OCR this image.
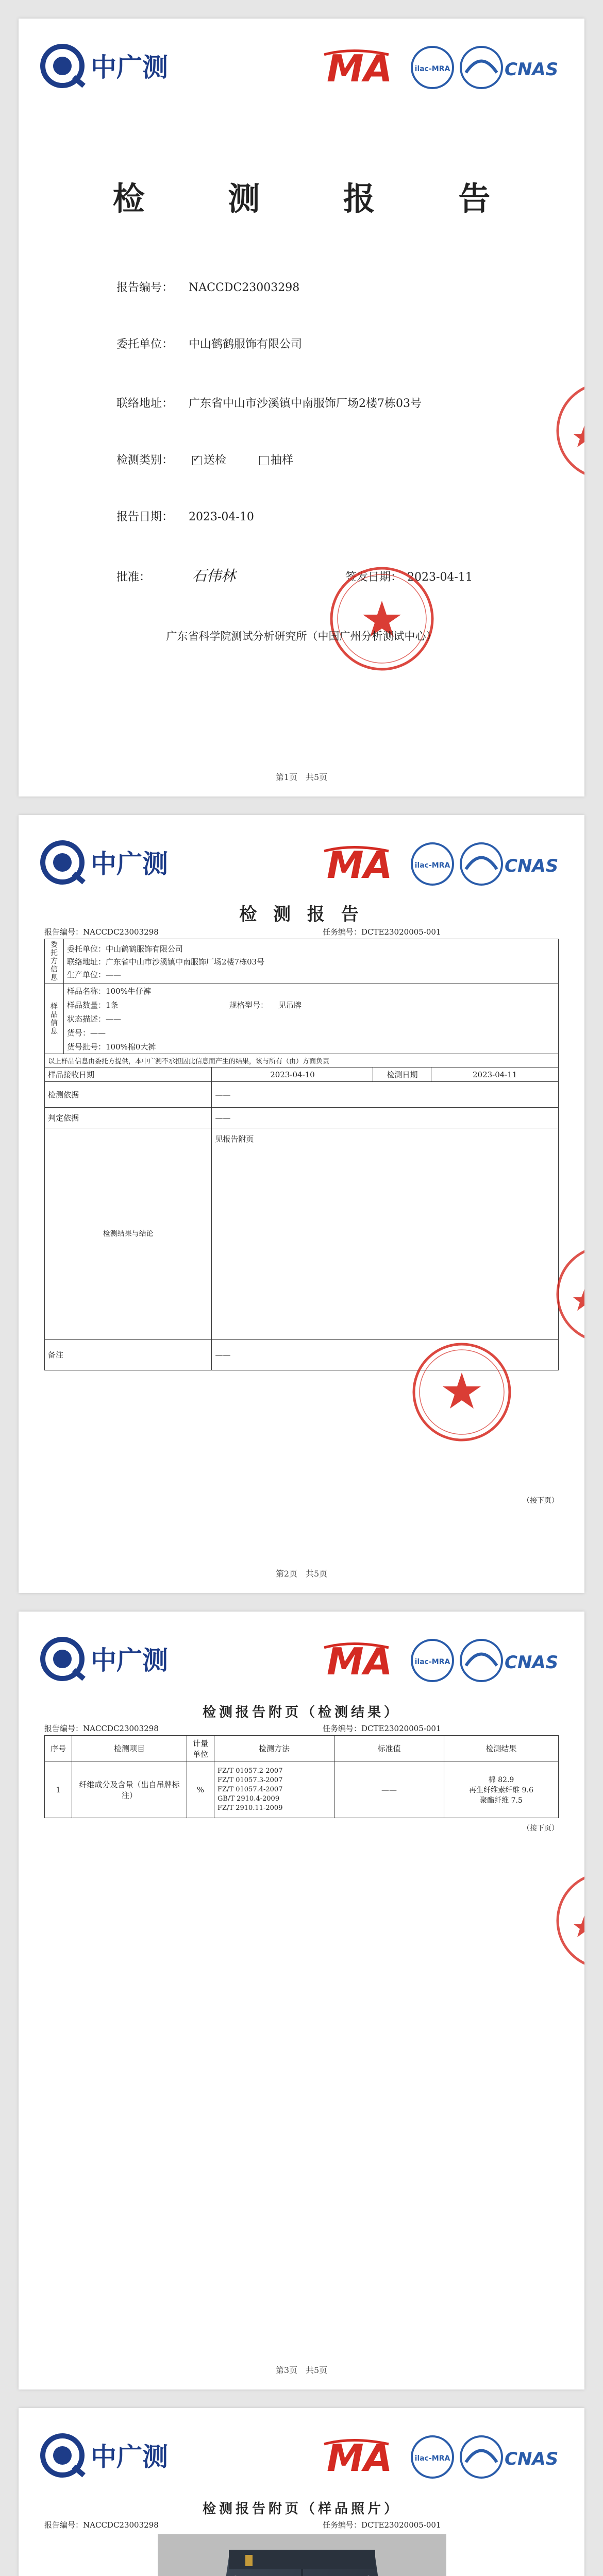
中广测	MA	ilac-MRA	CNAS
检 测 报 告
报告编号： NACCDC23003298
委托单位： 中山鹤鹤服饰有限公司
联络地址： 广东省中山市沙溪镇中南服饰厂场2楼7栋03号
检测类别： ✓	送检	抽样
报告日期： 2023-04-10
批准：	石伟林	签发日期： 2023-04-11
广东省科学院测试分析研究所（中国广州分析测试中心）
第1页 共5页
中广测	MA	ilac-MRA	CNAS
检 测 报 告
报告编号：NACCDC23003298	任务编号：DCTE23020005-001
委托方信息	委托单位：中山鹤鹤服饰有限公司
联络地址：广东省中山市沙溪镇中南服饰厂场2楼7栋03号
生产单位：——			

样品信息	样品名称：100%牛仔裤
样品数量：1条 规格型号： 见吊牌
状态描述：——
货号：——
货号批号：100%棉0大裤			

以上样品信息由委托方提供，本中广测不承担因此信息而产生的结果，该与所有（由）方面负责				
样品接收日期		2023-04-10	检测日期	2023-04-11
检测依据		——		
判定依据		——		
检测结果与结论		见报告附页		
备注		——		
（接下页）
第2页 共5页
中广测	MA	ilac-MRA	CNAS
检测报告附页（检测结果）
报告编号：NACCDC23003298	任务编号：DCTE23020005-001
序号	检测项目	计量单位	检测方法	标准值	检测结果
1	纤维成分及含量（出自吊牌标注）	%	FZ/T 01057.2-2007
FZ/T 01057.3-2007
FZ/T 01057.4-2007
GB/T 2910.4-2009
FZ/T 2910.11-2009	——	棉 82.9
再生纤维素纤维 9.6
聚酯纤维 7.5
（接下页）
第3页 共5页
中广测	MA	ilac-MRA	CNAS
检测报告附页（样品照片）
报告编号：NACCDC23003298	任务编号：DCTE23020005-001
